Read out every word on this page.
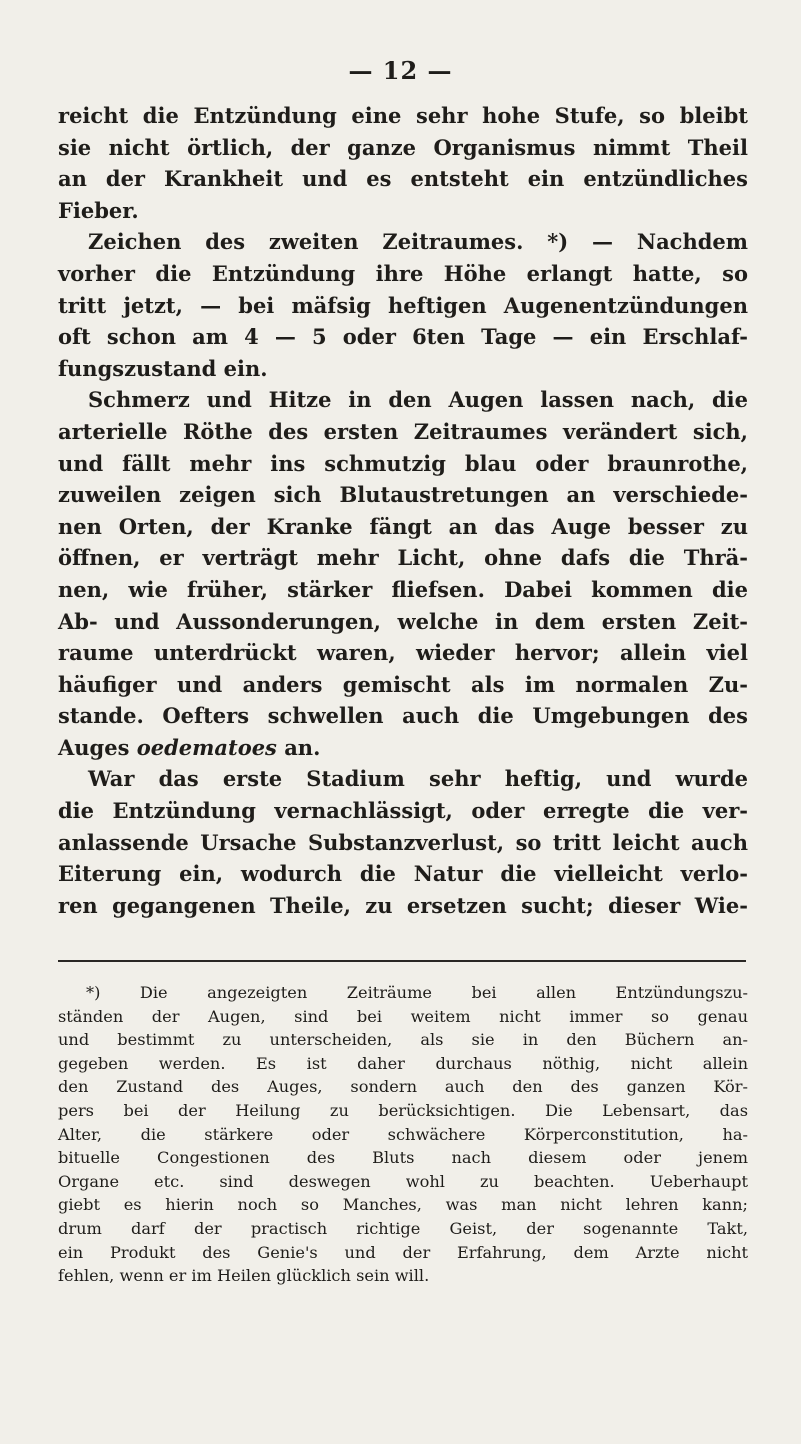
— 12 —
reicht die Entzündung eine sehr hohe Stufe, so bleibt
sie nicht örtlich, der ganze Organismus nimmt Theil
an der Krankheit und es entsteht ein entzündliches
Fieber.
Zeichen des zweiten Zeitraumes. *) — Nachdem
vorher die Entzündung ihre Höhe erlangt hatte, so
tritt jetzt, — bei mäfsig heftigen Augenentzündungen
oft schon am 4 — 5 oder 6ten Tage — ein Erschlaf-
fungszustand ein.
Schmerz und Hitze in den Augen lassen nach, die
arterielle Röthe des ersten Zeitraumes verändert sich,
und fällt mehr ins schmutzig blau oder braunrothe,
zuweilen zeigen sich Blutaustretungen an verschiede-
nen Orten, der Kranke fängt an das Auge besser zu
öffnen, er verträgt mehr Licht, ohne dafs die Thrä-
nen, wie früher, stärker fliefsen. Dabei kommen die
Ab- und Aussonderungen, welche in dem ersten Zeit-
raume unterdrückt waren, wieder hervor; allein viel
häufiger und anders gemischt als im normalen Zu-
stande. Oefters schwellen auch die Umgebungen des
Auges oedematoes an.
War das erste Stadium sehr heftig, und wurde
die Entzündung vernachlässigt, oder erregte die ver-
anlassende Ursache Substanzverlust, so tritt leicht auch
Eiterung ein, wodurch die Natur die vielleicht verlo-
ren gegangenen Theile, zu ersetzen sucht; dieser Wie-
*) Die angezeigten Zeiträume bei allen Entzündungszu-
ständen der Augen, sind bei weitem nicht immer so genau
und bestimmt zu unterscheiden, als sie in den Büchern an-
gegeben werden. Es ist daher durchaus nöthig, nicht allein
den Zustand des Auges, sondern auch den des ganzen Kör-
pers bei der Heilung zu berücksichtigen. Die Lebensart, das
Alter, die stärkere oder schwächere Körperconstitution, ha-
bituelle Congestionen des Bluts nach diesem oder jenem
Organe etc. sind deswegen wohl zu beachten. Ueberhaupt
giebt es hierin noch so Manches, was man nicht lehren kann;
drum darf der practisch richtige Geist, der sogenannte Takt,
ein Produkt des Genie's und der Erfahrung, dem Arzte nicht
fehlen, wenn er im Heilen glücklich sein will.
